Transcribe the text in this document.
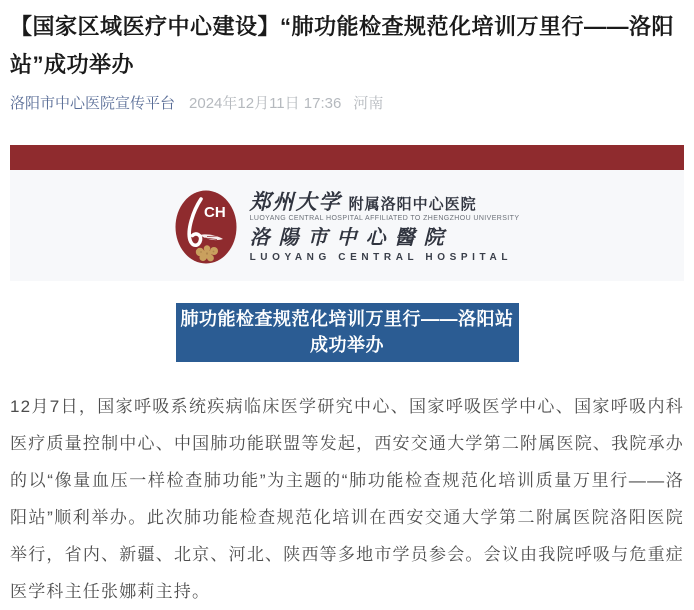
【国家区域医疗中心建设】“肺功能检查规范化培训万里行——洛阳站”成功举办
洛阳市中心医院宣传平台 2024年12月11日 17:36 河南
CH 郑州大学 附属洛阳中心医院
LUOYANG CENTRAL HOSPITAL AFFILIATED TO ZHENGZHOU UNIVERSITY
洛陽市中心醫院
LUOYANG CENTRAL HOSPITAL
肺功能检查规范化培训万里行——洛阳站
成功举办

12月7日，国家呼吸系统疾病临床医学研究中心、国家呼吸医学中心、国家呼吸内科医疗质量控制中心、中国肺功能联盟等发起，西安交通大学第二附属医院、我院承办的以“像量血压一样检查肺功能”为主题的“肺功能检查规范化培训质量万里行——洛阳站”顺利举办。此次肺功能检查规范化培训在西安交通大学第二附属医院洛阳医院举行，省内、新疆、北京、河北、陕西等多地市学员参会。会议由我院呼吸与危重症医学科主任张娜莉主持。
